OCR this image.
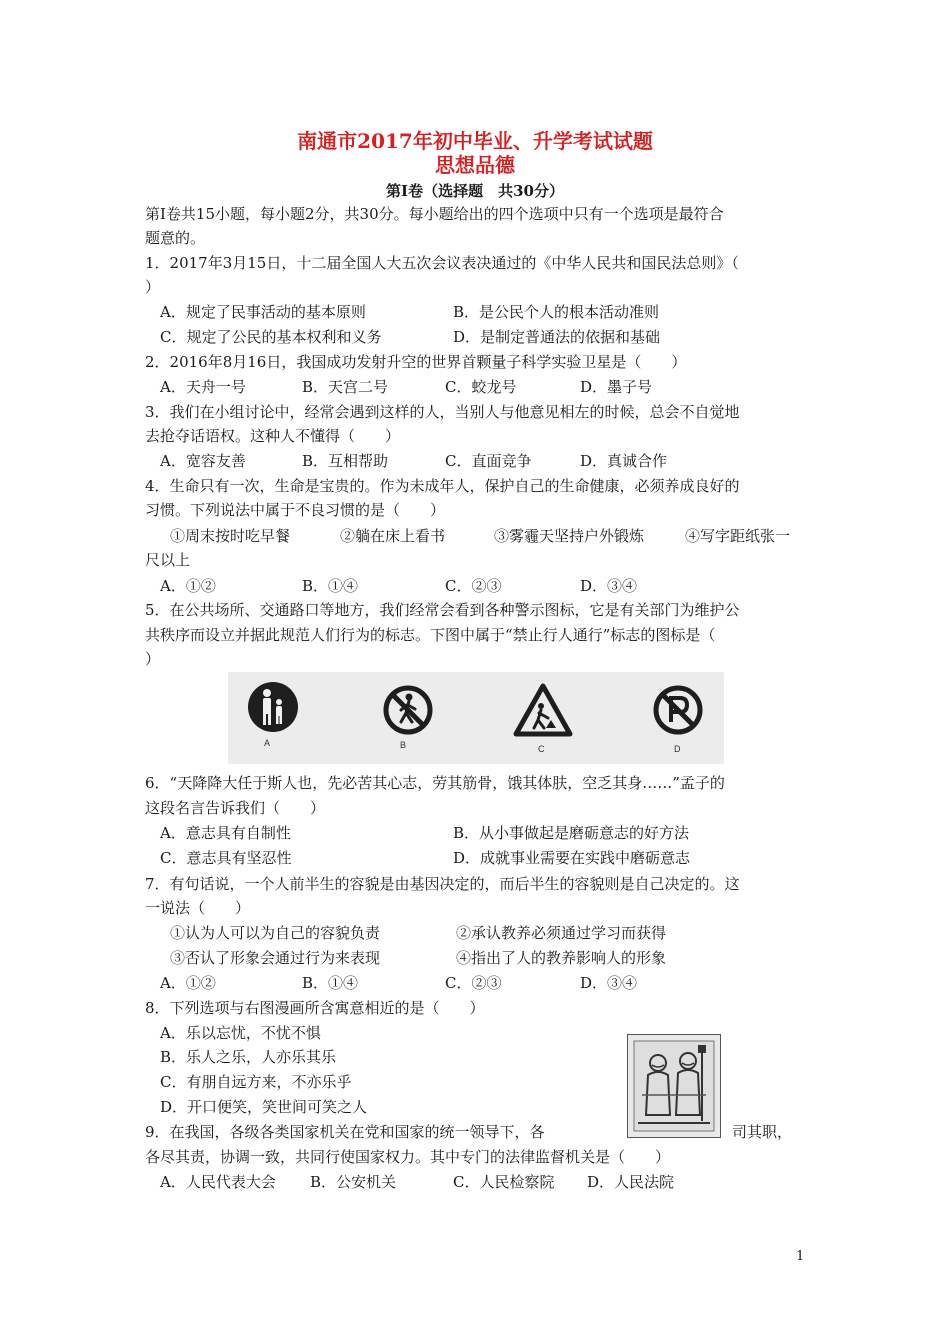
南通市2017年初中毕业、升学考试试题
思想品德
第Ⅰ卷（选择题　共30分）
第Ⅰ卷共15小题，每小题2分，共30分。每小题给出的四个选项中只有一个选项是最符合
题意的。
1．2017年3月15日，十二届全国人大五次会议表决通过的《中华人民共和国民法总则》（
）
A．规定了民事活动的基本原则	B．是公民个人的根本活动准则
C．规定了公民的基本权利和义务	D．是制定普通法的依据和基础
2．2016年8月16日，我国成功发射升空的世界首颗量子科学实验卫星是（　　）
A．天舟一号	B．天宫二号	C．蛟龙号	D．墨子号
3．我们在小组讨论中，经常会遇到这样的人，当别人与他意见相左的时候，总会不自觉地
去抢夺话语权。这种人不懂得（　　）
A．宽容友善	B．互相帮助	C．直面竞争	D．真诚合作
4．生命只有一次，生命是宝贵的。作为未成年人，保护自己的生命健康，必须养成良好的
习惯。下列说法中属于不良习惯的是（　　）
①周末按时吃早餐	②躺在床上看书	③雾霾天坚持户外锻炼	④写字距纸张一
尺以上
A．①②	B．①④	C．②③	D．③④
5．在公共场所、交通路口等地方，我们经常会看到各种警示图标，它是有关部门为维护公
共秩序而设立并据此规范人们行为的标志。下图中属于“禁止行人通行”标志的图标是（
）
A	B	C	D
6．“天降降大任于斯人也，先必苦其心志，劳其筋骨，饿其体肤，空乏其身……”孟子的
这段名言告诉我们（　　）
A．意志具有自制性	B．从小事做起是磨砺意志的好方法
C．意志具有坚忍性	D．成就事业需要在实践中磨砺意志
7．有句话说，一个人前半生的容貌是由基因决定的，而后半生的容貌则是自己决定的。这
一说法（　　）
①认为人可以为自己的容貌负责	②承认教养必须通过学习而获得
③否认了形象会通过行为来表现	④指出了人的教养影响人的形象
A．①②	B．①④	C．②③	D．③④
8．下列选项与右图漫画所含寓意相近的是（　　）
A．乐以忘忧，不忧不惧
B．乐人之乐，人亦乐其乐
C．有朋自远方来，不亦乐乎
D．开口便笑，笑世间可笑之人
9．在我国，各级各类国家机关在党和国家的统一领导下，各	司其职，
各尽其责，协调一致，共同行使国家权力。其中专门的法律监督机关是（　　）
A．人民代表大会 B．公安机关	C．人民检察院 D．人民法院
1
